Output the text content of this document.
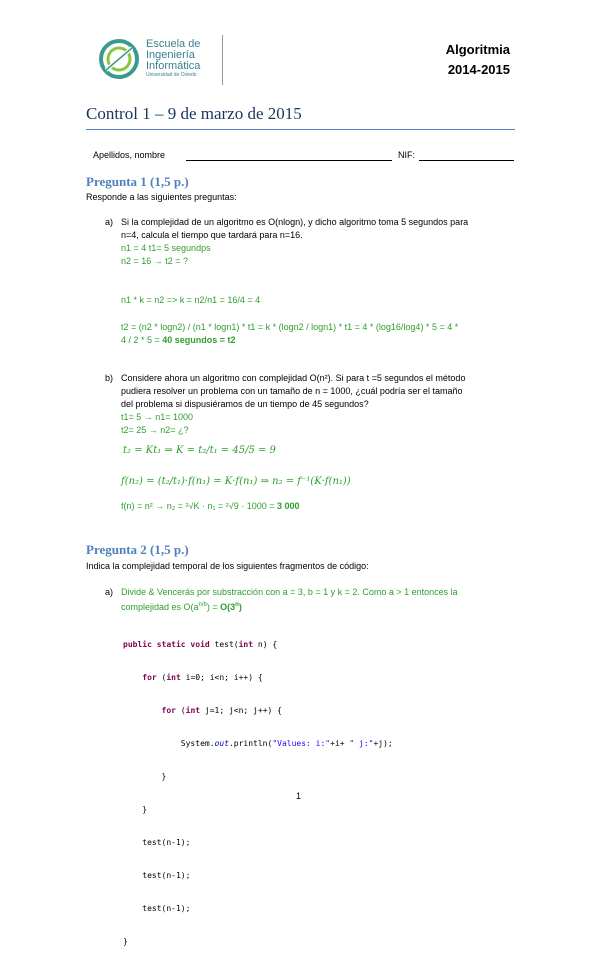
Escuela de
Ingeniería
Informática
Universidad de Oviedo
Algoritmia
2014-2015
Control 1 – 9 de marzo de 2015
Apellidos, nombre	NIF:
Pregunta 1 (1,5 p.)
Responde a las siguientes preguntas:
a) Si la complejidad de un algoritmo es O(nlogn), y dicho algoritmo toma 5 segundos para
n=4, calcula el tiempo que tardará para n=16.
n1 = 4 t1= 5 segundps
n2 = 16 → t2 = ?
n1 * k = n2 => k = n2/n1 = 16/4 = 4
t2 = (n2 * logn2) / (n1 * logn1) * t1 = k * (logn2 / logn1) * t1 = 4 * (log16/log4) * 5 = 4 *
4 / 2 * 5 = 40 segundos = t2
b) Considere ahora un algoritmo con complejidad O(n²). Si para t =5 segundos el método
pudiera resolver un problema con un tamaño de n = 1000, ¿cuál podría ser el tamaño
del problema si dispusiéramos de un tiempo de 45 segundos?
t1= 5 → n1= 1000
t2= 25 → n2= ¿?
t₂ = Kt₁ ⇒ K = t₂/t₁ = 45/5 = 9
f(n₂) = (t₂/t₁)·f(n₁) = K·f(n₁) ⇒ n₂ = f⁻¹(K·f(n₁))
f(n) = n² → n₂ = ²√K · n₁ = ²√9 · 1000 = 3 000
Pregunta 2 (1,5 p.)
Indica la complejidad temporal de los siguientes fragmentos de código:
a) Divide & Vencerás por substracción con a = 3, b = 1 y k = 2. Como a > 1 entonces la
complejidad es $O(a^{n/b}) = O(3^n)$

public static void test(int n) {

for (int i=0; i<n; i++) {

for (int j=1; j<n; j++) {

System.out.println("Values: i:"+i+ " j:"+j);

}

}

test(n-1);

test(n-1);

test(n-1);

}

1
